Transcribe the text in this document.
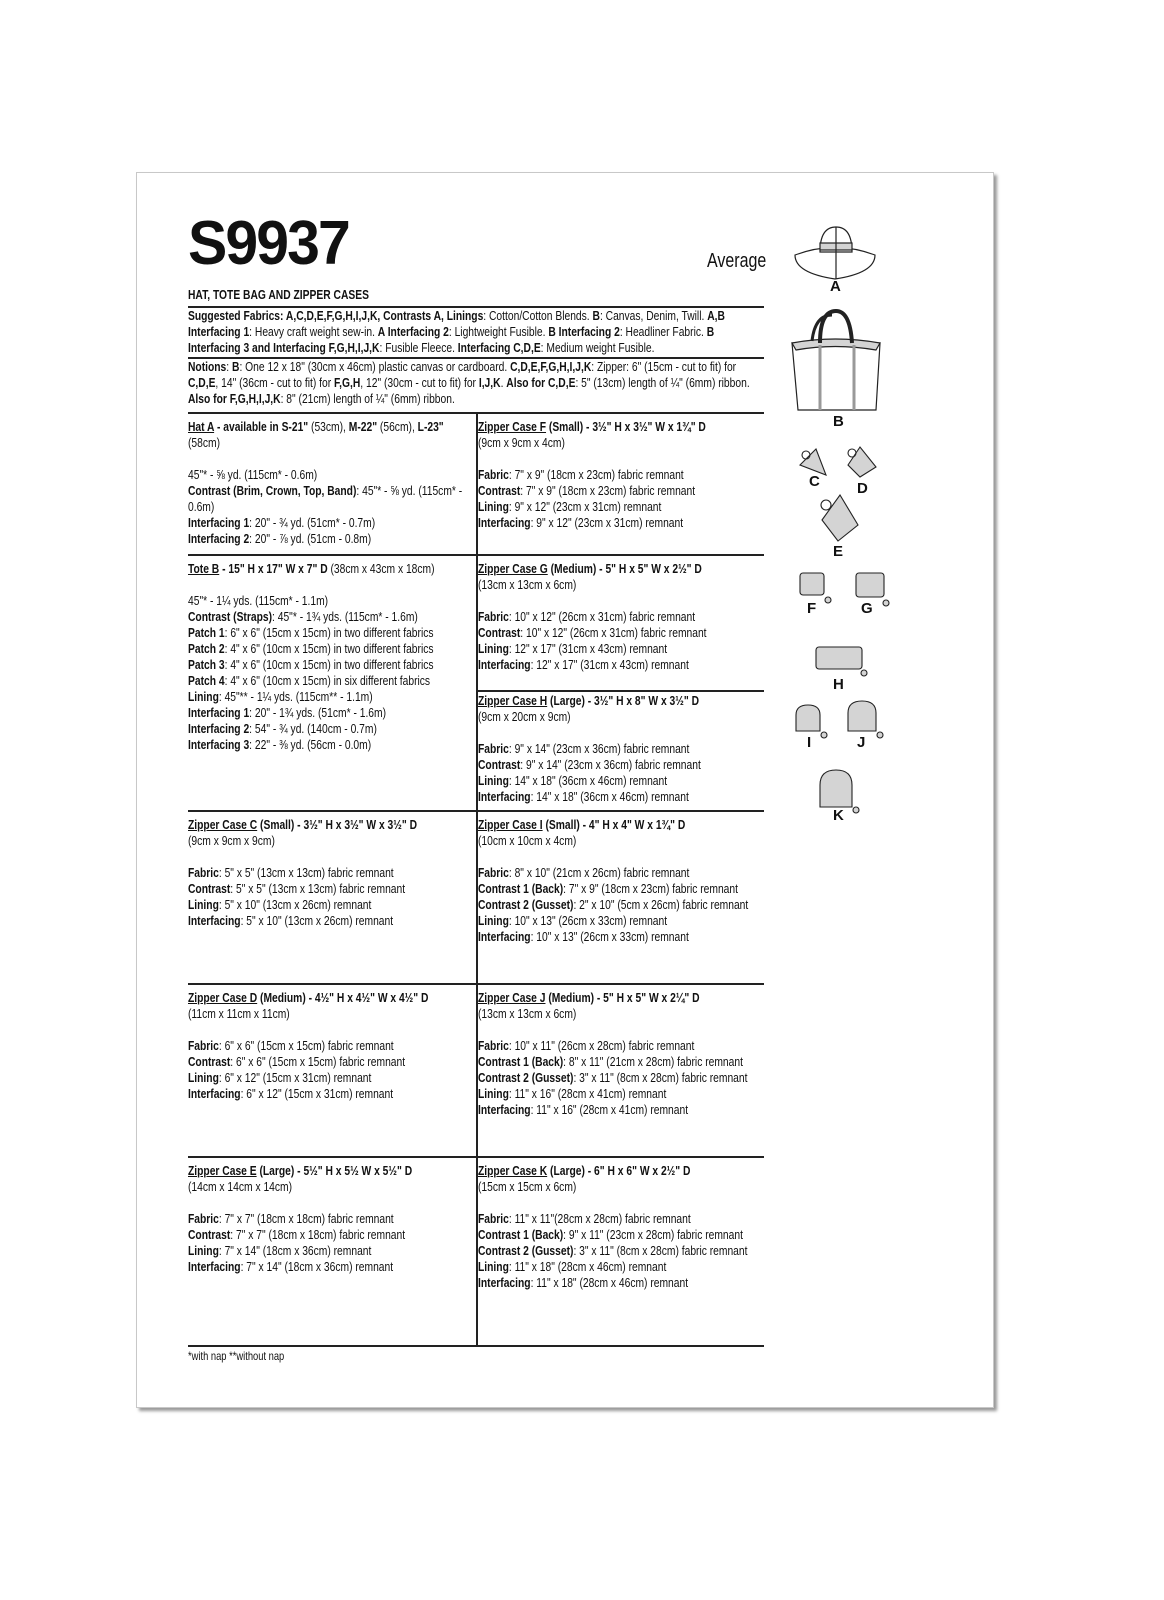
S9937	Average
HAT, TOTE BAG AND ZIPPER CASES
Suggested Fabrics: A,C,D,E,F,G,H,I,J,K, Contrasts A, Linings: Cotton/Cotton Blends. B: Canvas, Denim, Twill. A,B Interfacing 1: Heavy craft weight sew-in. A Interfacing 2: Lightweight Fusible. B Interfacing 2: Headliner Fabric. B Interfacing 3 and Interfacing F,G,H,I,J,K: Fusible Fleece. Interfacing C,D,E: Medium weight Fusible.
Notions: B: One 12 x 18" (30cm x 46cm) plastic canvas or cardboard. C,D,E,F,G,H,I,J,K: Zipper: 6" (15cm - cut to fit) for C,D,E, 14" (36cm - cut to fit) for F,G,H, 12" (30cm - cut to fit) for I,J,K. Also for C,D,E: 5" (13cm) length of ¼" (6mm) ribbon. Also for F,G,H,I,J,K: 8" (21cm) length of ¼" (6mm) ribbon.

Hat A - available in S-21" (53cm), M-22" (56cm), L-23" (58cm)

45"* - ⅝ yd. (115cm* - 0.6m)

Contrast (Brim, Crown, Top, Band): 45"* - ⅝ yd. (115cm* - 0.6m)

Interfacing 1: 20" - ¾ yd. (51cm* - 0.7m)

Interfacing 2: 20" - ⅞ yd. (51cm - 0.8m)

Tote B - 15" H x 17" W x 7" D (38cm x 43cm x 18cm)

45"* - 1¼ yds. (115cm* - 1.1m)

Contrast (Straps): 45"* - 1¾ yds. (115cm* - 1.6m)

Patch 1: 6" x 6" (15cm x 15cm) in two different fabrics

Patch 2: 4" x 6" (10cm x 15cm) in two different fabrics

Patch 3: 4" x 6" (10cm x 15cm) in two different fabrics

Patch 4: 4" x 6" (10cm x 15cm) in six different fabrics

Lining: 45"** - 1¼ yds. (115cm** - 1.1m)

Interfacing 1: 20" - 1¾ yds. (51cm* - 1.6m)

Interfacing 2: 54" - ¾ yd. (140cm - 0.7m)

Interfacing 3: 22" - ⅜ yd. (56cm - 0.0m)

Zipper Case C (Small) - 3½" H x 3½" W x 3½" D

(9cm x 9cm x 9cm)

Fabric: 5" x 5" (13cm x 13cm) fabric remnant

Contrast: 5" x 5" (13cm x 13cm) fabric remnant

Lining: 5" x 10" (13cm x 26cm) remnant

Interfacing: 5" x 10" (13cm x 26cm) remnant

Zipper Case D (Medium) - 4½" H x 4½" W x 4½" D

(11cm x 11cm x 11cm)

Fabric: 6" x 6" (15cm x 15cm) fabric remnant

Contrast: 6" x 6" (15cm x 15cm) fabric remnant

Lining: 6" x 12" (15cm x 31cm) remnant

Interfacing: 6" x 12" (15cm x 31cm) remnant

Zipper Case E (Large) - 5½" H x 5½ W x 5½" D

(14cm x 14cm x 14cm)

Fabric: 7" x 7" (18cm x 18cm) fabric remnant

Contrast: 7" x 7" (18cm x 18cm) fabric remnant

Lining: 7" x 14" (18cm x 36cm) remnant

Interfacing: 7" x 14" (18cm x 36cm) remnant

Zipper Case F (Small) - 3½" H x 3½" W x 1¾" D

(9cm x 9cm x 4cm)

Fabric: 7" x 9" (18cm x 23cm) fabric remnant

Contrast: 7" x 9" (18cm x 23cm) fabric remnant

Lining: 9" x 12" (23cm x 31cm) remnant

Interfacing: 9" x 12" (23cm x 31cm) remnant

Zipper Case G (Medium) - 5" H x 5" W x 2½" D

(13cm x 13cm x 6cm)

Fabric: 10" x 12" (26cm x 31cm) fabric remnant

Contrast: 10" x 12" (26cm x 31cm) fabric remnant

Lining: 12" x 17" (31cm x 43cm) remnant

Interfacing: 12" x 17" (31cm x 43cm) remnant

Zipper Case H (Large) - 3½" H x 8" W x 3½" D

(9cm x 20cm x 9cm)

Fabric: 9" x 14" (23cm x 36cm) fabric remnant

Contrast: 9" x 14" (23cm x 36cm) fabric remnant

Lining: 14" x 18" (36cm x 46cm) remnant

Interfacing: 14" x 18" (36cm x 46cm) remnant

Zipper Case I (Small) - 4" H x 4" W x 1¾" D

(10cm x 10cm x 4cm)

Fabric: 8" x 10" (21cm x 26cm) fabric remnant

Contrast 1 (Back): 7" x 9" (18cm x 23cm) fabric remnant

Contrast 2 (Gusset): 2" x 10" (5cm x 26cm) fabric remnant

Lining: 10" x 13" (26cm x 33cm) remnant

Interfacing: 10" x 13" (26cm x 33cm) remnant

Zipper Case J (Medium) - 5" H x 5" W x 2¼" D

(13cm x 13cm x 6cm)

Fabric: 10" x 11" (26cm x 28cm) fabric remnant

Contrast 1 (Back): 8" x 11" (21cm x 28cm) fabric remnant

Contrast 2 (Gusset): 3" x 11" (8cm x 28cm) fabric remnant

Lining: 11" x 16" (28cm x 41cm) remnant

Interfacing: 11" x 16" (28cm x 41cm) remnant

Zipper Case K (Large) - 6" H x 6" W x 2½" D

(15cm x 15cm x 6cm)

Fabric: 11" x 11"(28cm x 28cm) fabric remnant

Contrast 1 (Back): 9" x 11" (23cm x 28cm) fabric remnant

Contrast 2 (Gusset): 3" x 11" (8cm x 28cm) fabric remnant

Lining: 11" x 18" (28cm x 46cm) remnant

Interfacing: 11" x 18" (28cm x 46cm) remnant

*with nap **without nap
A
B
C D
E
F	G
H
I	J
K
